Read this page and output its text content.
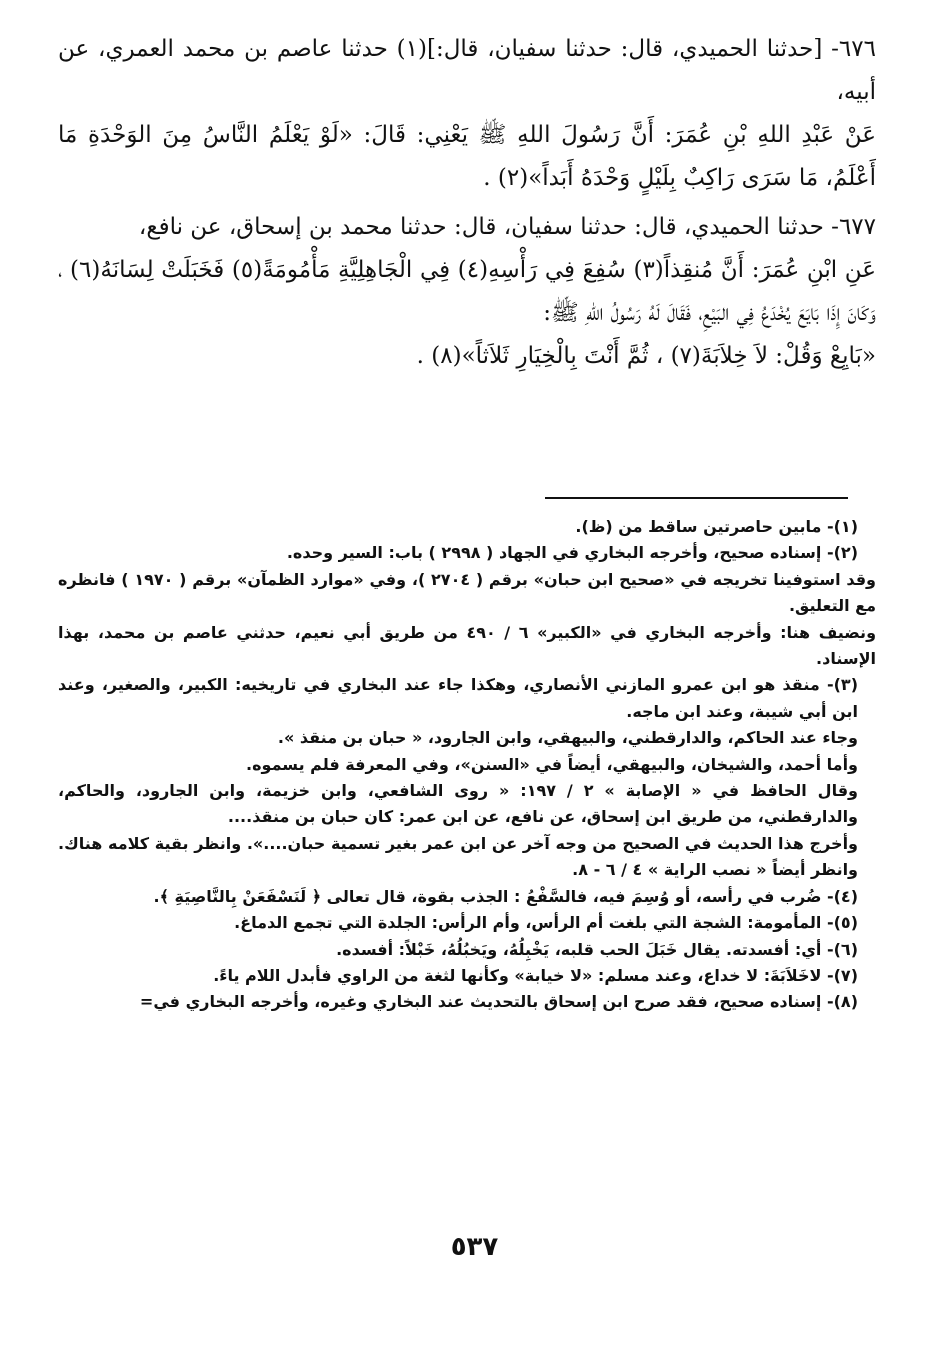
٦٧٦- [حدثنا الحميدي، قال: حدثنا سفيان، قال:](١) حدثنا عاصم بن محمد العمري، عن أبيه،

عَنْ عَبْدِ اللهِ بْنِ عُمَرَ: أَنَّ رَسُولَ اللهِ ﷺ يَعْنِي: قَالَ: «لَوْ يَعْلَمُ النَّاسُ مِنَ الوَحْدَةِ مَا أَعْلَمُ، مَا سَرَى رَاكِبٌ بِلَيْلٍ وَحْدَهُ أَبَداً»(٢) .

٦٧٧- حدثنا الحميدي، قال: حدثنا سفيان، قال: حدثنا محمد بن إسحاق، عن نافع،

عَنِ ابْنِ عُمَرَ: أَنَّ مُنقِذاً(٣) سُفِعَ فِي رَأْسِهِ(٤) فِي الْجَاهِلِيَّةِ مَأْمُومَةً(٥) فَخَبَلَتْ لِسَانَهُ(٦) ، وَكَانَ إِذَا بَايَعَ يُخْدَعُ فِي البَيْعِ، فَقَالَ لَهُ رَسُولُ اللهِ ﷺ:

«بَايِعْ وَقُلْ: لاَ خِلاَبَةَ(٧) ، ثُمَّ أَنْتَ بِالْخِيَارِ ثَلاَثاً»(٨) .

(١)- مابين حاصرتين ساقط من (ظ).

(٢)- إسناده صحيح، وأخرجه البخاري في الجهاد ( ٢٩٩٨ ) باب: السير وحده.

وقد استوفينا تخريجه في «صحيح ابن حبان» برقم ( ٢٧٠٤ )، وفي «موارد الظمآن» برقم ( ١٩٧٠ ) فانظره مع التعليق.

ونضيف هنا: وأخرجه البخاري في «الكبير» ٦ / ٤٩٠ من طريق أبي نعيم، حدثني عاصم بن محمد، بهذا الإسناد.

(٣)- منقذ هو ابن عمرو المازني الأنصاري، وهكذا جاء عند البخاري في تاريخيه: الكبير، والصغير، وعند ابن أبي شيبة، وعند ابن ماجه.

وجاء عند الحاكم، والدارقطني، والبيهقي، وابن الجارود، « حبان بن منقذ ».

وأما أحمد، والشيخان، والبيهقي، أيضاً في «السنن»، وفي المعرفة فلم يسموه.

وقال الحافظ في « الإصابة » ٢ / ١٩٧: « روى الشافعي، وابن خزيمة، وابن الجارود، والحاكم، والدارقطني، من طريق ابن إسحاق، عن نافع، عن ابن عمر: كان حبان بن منقذ....

وأخرج هذا الحديث في الصحيح من وجه آخر عن ابن عمر بغير تسمية حبان....». وانظر بقية كلامه هناك. وانظر أيضاً « نصب الراية » ٤ / ٦ - ٨.

(٤)- ضُرب في رأسه، أو وُسِمَ فيه، فالسَّفْعُ : الجذب بقوة، قال تعالى ﴿ لَنَسْفَعَنْ بِالنَّاصِيَةِ ﴾.

(٥)- المأمومة: الشجة التي بلغت أم الرأس، وأم الرأس: الجلدة التي تجمع الدماغ.

(٦)- أي: أفسدته. يقال خَبَلَ الحب قلبه، يَخْبِلُهُ، ويَخبُلُهُ، خَبْلاً: أفسده.

(٧)- لاخَلاَبَةَ: لا خداع، وعند مسلم: «لا خيابة» وكأنها لثغة من الراوي فأبدل اللام ياءً.

(٨)- إسناده صحيح، فقد صرح ابن إسحاق بالتحديث عند البخاري وغيره، وأخرجه البخاري في=

٥٣٧
